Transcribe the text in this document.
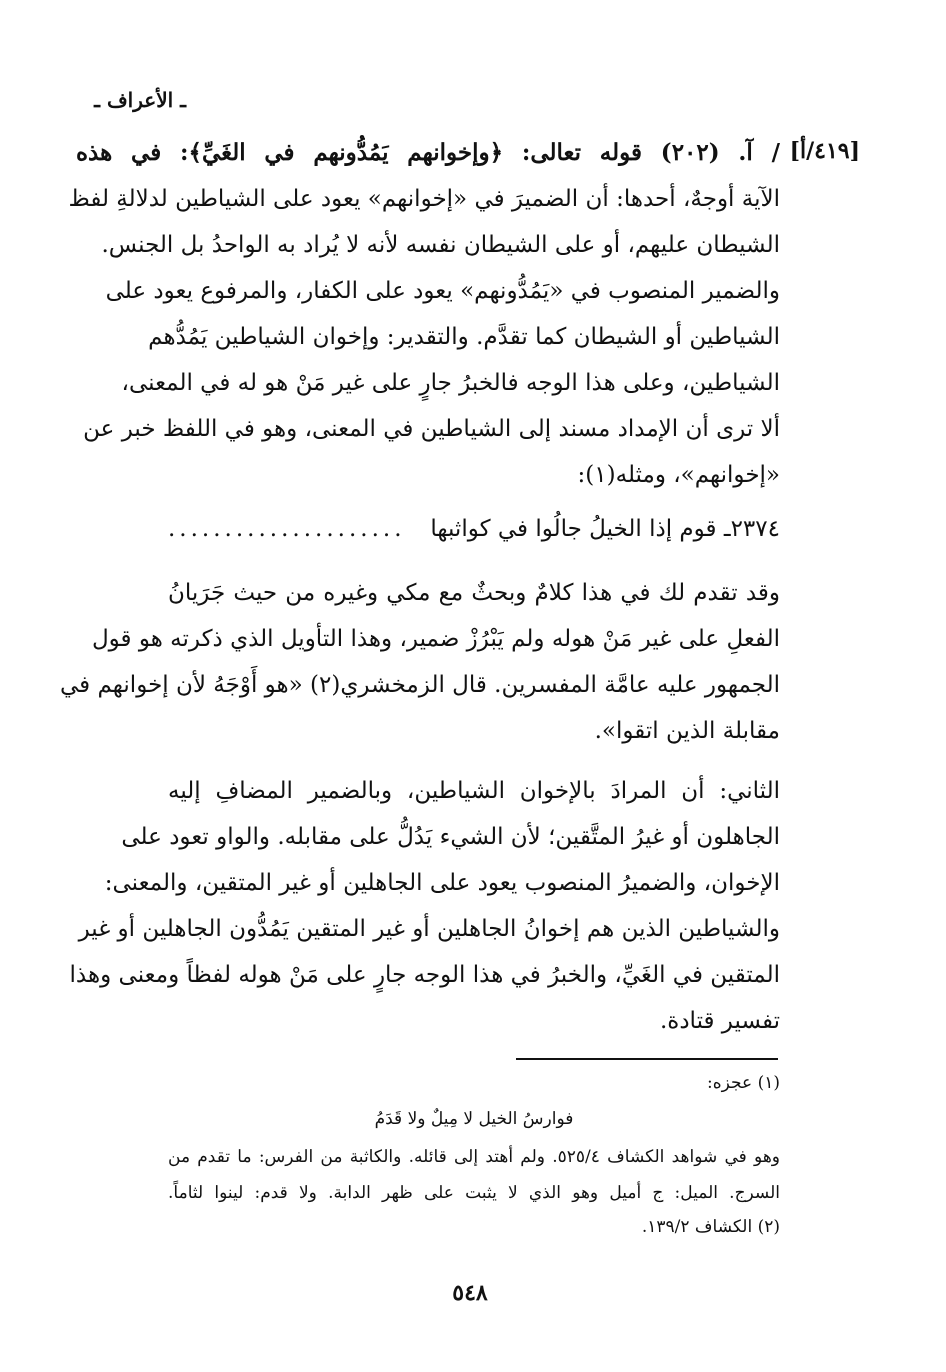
ـ الأعراف ـ
[٤١٩/أ]
/ آ. (٢٠٢) قوله تعالى: ﴿وإخوانهم يَمُدُّونهم في الغَيِّ﴾: في هذه
الآية أوجهٌ، أحدها: أن الضميرَ في «إخوانهم» يعود على الشياطين لدلالةِ لفظ
الشيطان عليهم، أو على الشيطان نفسه لأنه لا يُراد به الواحدُ بل الجنس.
والضمير المنصوب في «يَمُدُّونهم» يعود على الكفار، والمرفوع يعود على
الشياطين أو الشيطان كما تقدَّم. والتقدير: وإخوان الشياطين يَمُدُّهم
الشياطين، وعلى هذا الوجه فالخبرُ جارٍ على غير مَنْ هو له في المعنى،
ألا ترى أن الإمداد مسند إلى الشياطين في المعنى، وهو في اللفظ خبر عن
«إخوانهم»، ومثله(١):
٢٣٧٤ـ قوم إذا الخيلُ جالُوا في كواثبها
.....................
وقد تقدم لك في هذا كلامٌ وبحثٌ مع مكي وغيره من حيث جَرَيانُ
الفعلِ على غير مَنْ هوله ولم يَبْرُزْ ضمير، وهذا التأويل الذي ذكرته هو قول
الجمهور عليه عامَّة المفسرين. قال الزمخشري(٢) «هو أَوْجَهُ لأن إخوانهم في
مقابلة الذين اتقوا».
الثاني: أن المرادَ بالإخوان الشياطين، وبالضمير المضافِ إليه
الجاهلون أو غيرُ المتَّقين؛ لأن الشيء يَدُلُّ على مقابله. والواو تعود على
الإخوان، والضميرُ المنصوب يعود على الجاهلين أو غير المتقين، والمعنى:
والشياطين الذين هم إخوانُ الجاهلين أو غير المتقين يَمُدُّون الجاهلين أو غير
المتقين في الغَيِّ، والخبرُ في هذا الوجه جارٍ على مَنْ هوله لفظاً ومعنى وهذا
تفسير قتادة.
(١) عجزه:
فوارسُ الخيل لا مِيلٌ ولا قَدَمُ
وهو في شواهد الكشاف ٥٢٥/٤. ولم أهتد إلى قائله. والكاثبة من الفرس: ما تقدم من
السرج. الميل: ج أميل وهو الذي لا يثبت على ظهر الدابة. ولا قدم: لينوا لثاماً.
(٢) الكشاف ١٣٩/٢.
٥٤٨
